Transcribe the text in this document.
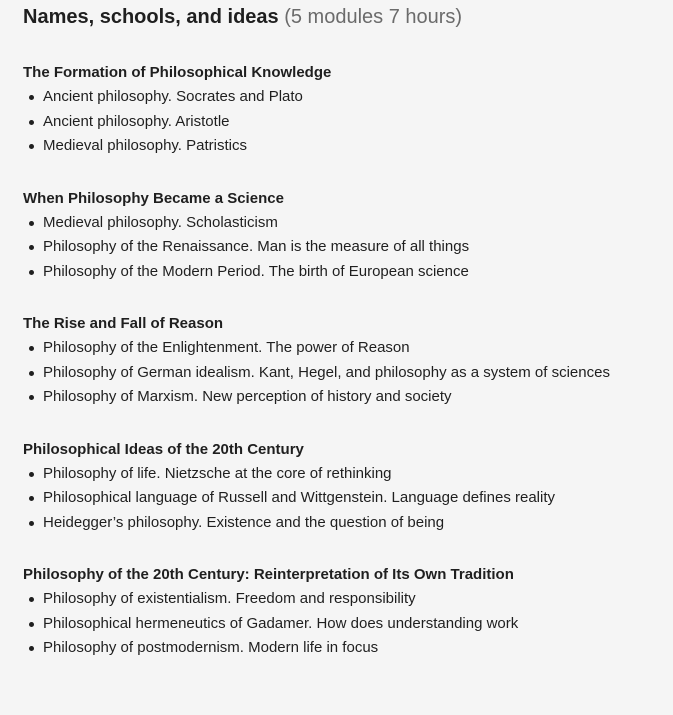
Names, schools, and ideas (5 modules 7 hours)
The Formation of Philosophical Knowledge
Ancient philosophy. Socrates and Plato
Ancient philosophy. Aristotle
Medieval philosophy. Patristics
When Philosophy Became a Science
Medieval philosophy. Scholasticism
Philosophy of the Renaissance. Man is the measure of all things
Philosophy of the Modern Period. The birth of European science
The Rise and Fall of Reason
Philosophy of the Enlightenment. The power of Reason
Philosophy of German idealism. Kant, Hegel, and philosophy as a system of sciences
Philosophy of Marxism. New perception of history and society
Philosophical Ideas of the 20th Century
Philosophy of life. Nietzsche at the core of rethinking
Philosophical language of Russell and Wittgenstein. Language defines reality
Heidegger’s philosophy. Existence and the question of being
Philosophy of the 20th Century: Reinterpretation of Its Own Tradition
Philosophy of existentialism. Freedom and responsibility
Philosophical hermeneutics of Gadamer. How does understanding work
Philosophy of postmodernism. Modern life in focus
